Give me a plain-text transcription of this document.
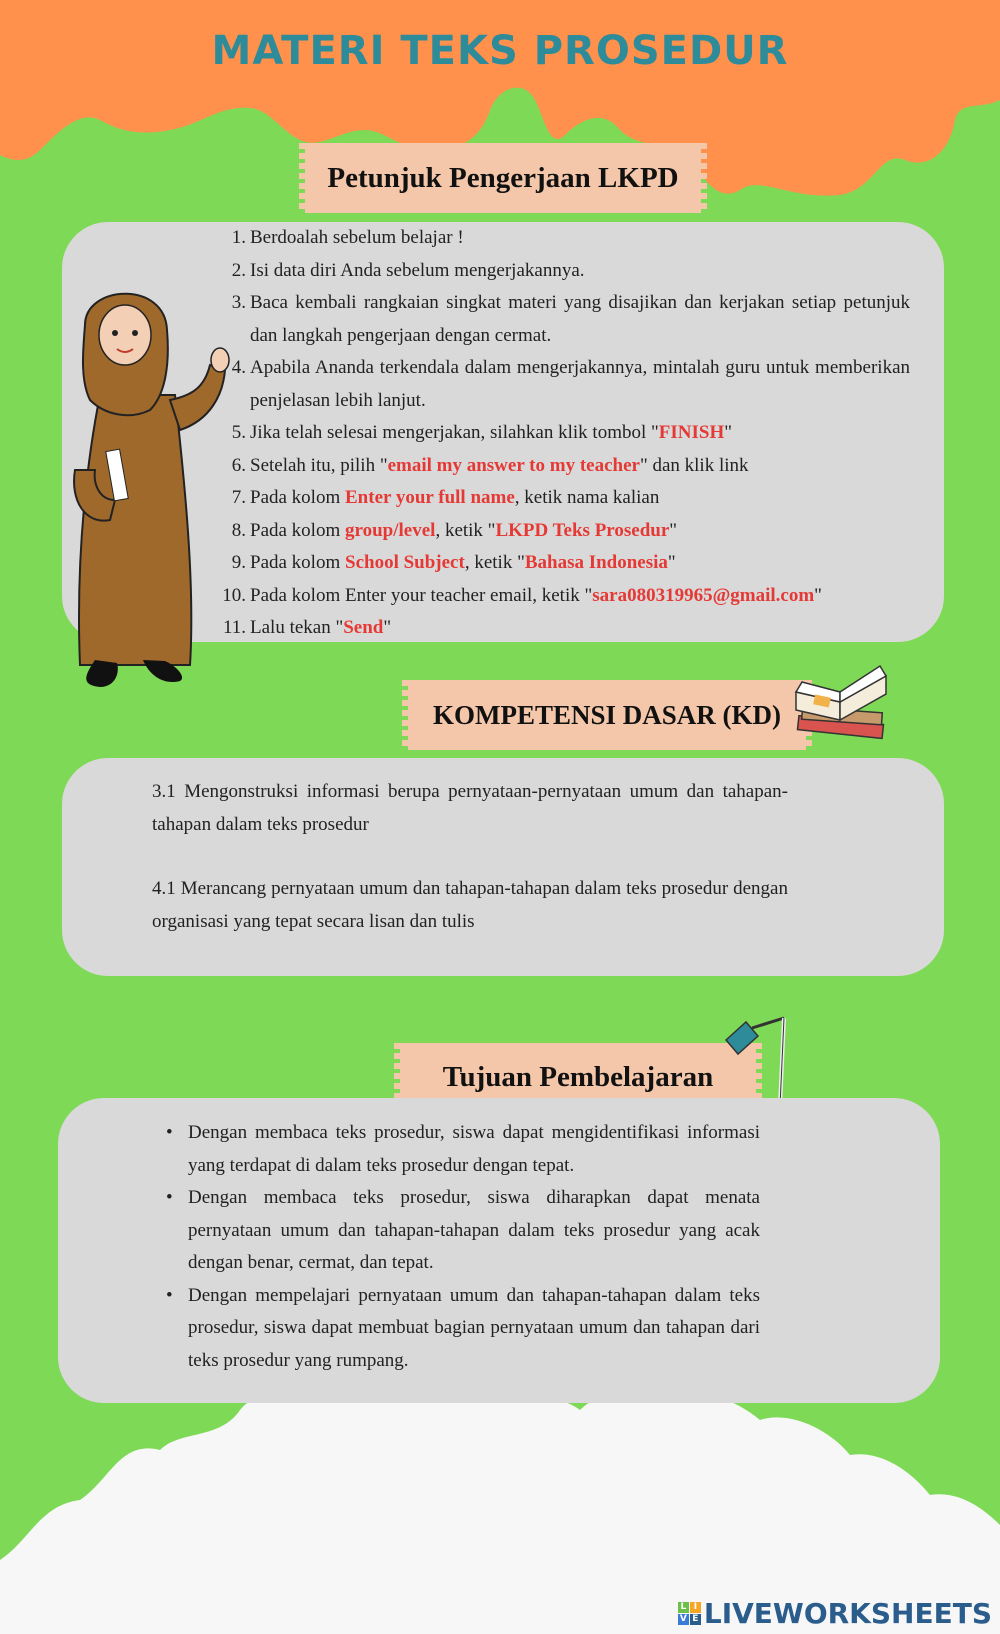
MATERI TEKS PROSEDUR
Petunjuk Pengerjaan LKPD
1. Berdoalah sebelum belajar !
2. Isi data diri Anda sebelum mengerjakannya.
3. Baca kembali rangkaian singkat materi yang disajikan dan kerjakan setiap petunjuk dan langkah pengerjaan dengan cermat.
4. Apabila Ananda terkendala dalam mengerjakannya, mintalah guru untuk memberikan penjelasan lebih lanjut.
5. Jika telah selesai mengerjakan, silahkan klik tombol "FINISH"
6. Setelah itu, pilih "email my answer to my teacher" dan klik link
7. Pada kolom Enter your full name, ketik nama kalian
8. Pada kolom group/level, ketik "LKPD Teks Prosedur"
9. Pada kolom School Subject, ketik "Bahasa Indonesia"
10. Pada kolom Enter your teacher email, ketik "sara080319965@gmail.com"
11. Lalu tekan "Send"
KOMPETENSI DASAR (KD)

3.1 Mengonstruksi informasi berupa pernyataan-pernyataan umum dan tahapan-tahapan dalam teks prosedur

4.1 Merancang pernyataan umum dan tahapan-tahapan dalam teks prosedur dengan organisasi yang tepat secara lisan dan tulis

Tujuan Pembelajaran
• Dengan membaca teks prosedur, siswa dapat mengidentifikasi informasi yang terdapat di dalam teks prosedur dengan tepat.
• Dengan membaca teks prosedur, siswa diharapkan dapat menata pernyataan umum dan tahapan-tahapan dalam teks prosedur yang acak dengan benar, cermat, dan tepat.
• Dengan mempelajari pernyataan umum dan tahapan-tahapan dalam teks prosedur, siswa dapat membuat bagian pernyataan umum dan tahapan dari teks prosedur yang rumpang.
L I
V E LIVEWORKSHEETS
